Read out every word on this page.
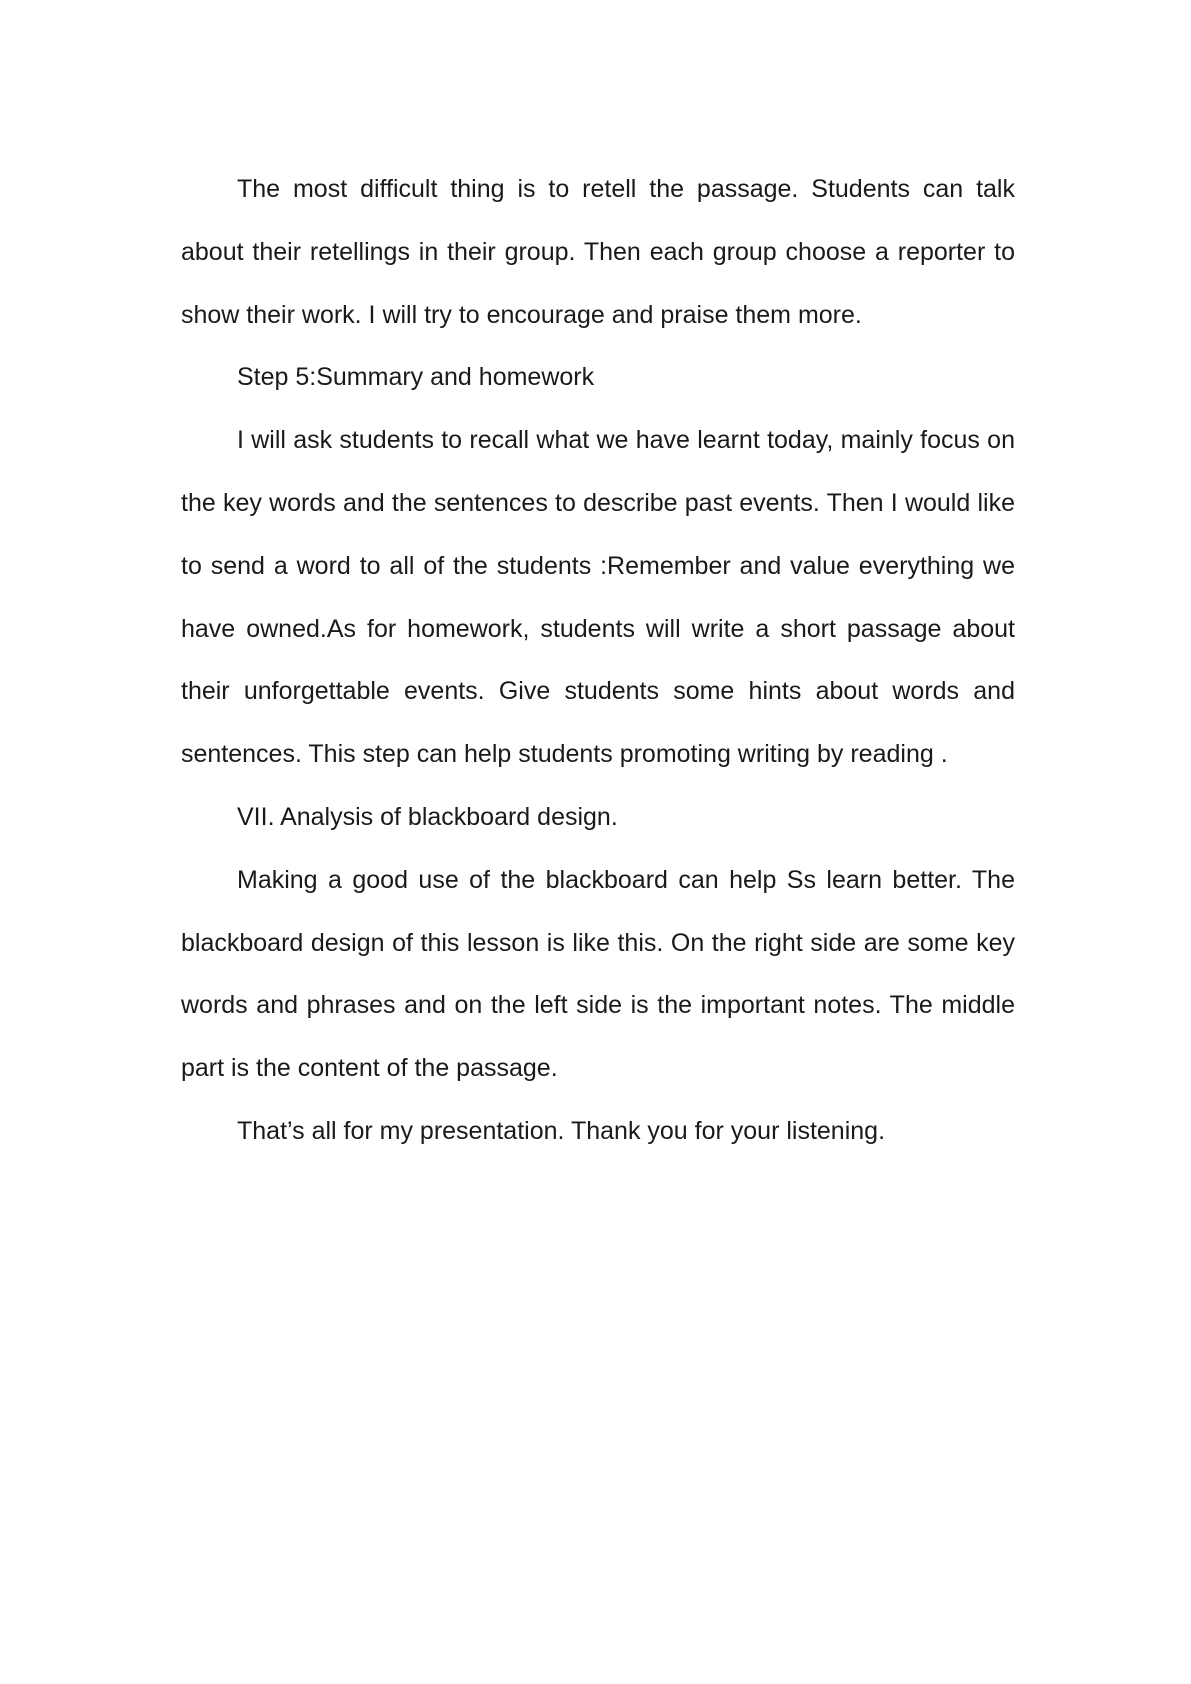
The most difficult thing is to retell the passage. Students can talk about their retellings in their group. Then each group choose a reporter to show their work. I will try to encourage and praise them more.

Step 5:Summary and homework

I will ask students to recall what we have learnt today, mainly focus on the key words and the sentences to describe past events. Then I would like to send a word to all of the students :Remember and value everything we have owned.As for homework, students will write a short passage about their unforgettable events. Give students some hints about words and sentences. This step can help students promoting writing by reading .

VII. Analysis of blackboard design.

Making a good use of the blackboard can help Ss learn better. The blackboard design of this lesson is like this. On the right side are some key words and phrases and on the left side is the important notes. The middle part is the content of the passage.

That’s all for my presentation. Thank you for your listening.
